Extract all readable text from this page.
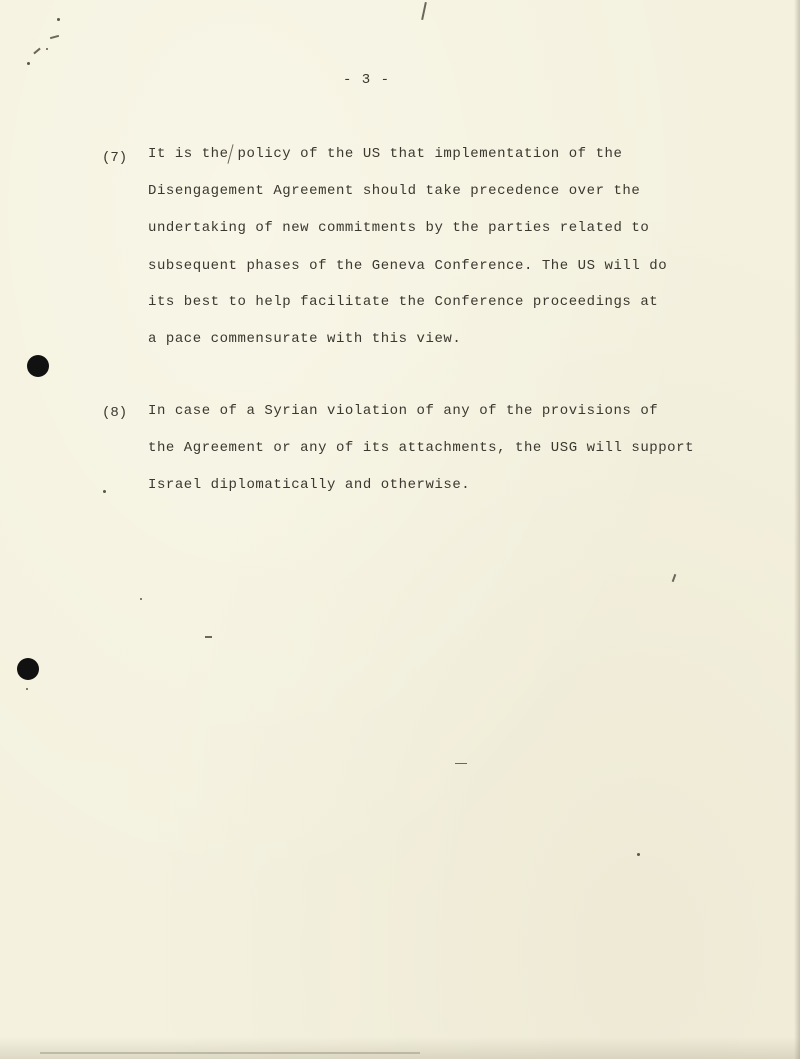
- 3 -
(7) It is the policy of the US that implementation of the
Disengagement Agreement should take precedence over the
undertaking of new commitments by the parties related to
subsequent phases of the Geneva Conference. The US will do
its best to help facilitate the Conference proceedings at
a pace commensurate with this view.
(8) In case of a Syrian violation of any of the provisions of
the Agreement or any of its attachments, the USG will support
Israel diplomatically and otherwise.
